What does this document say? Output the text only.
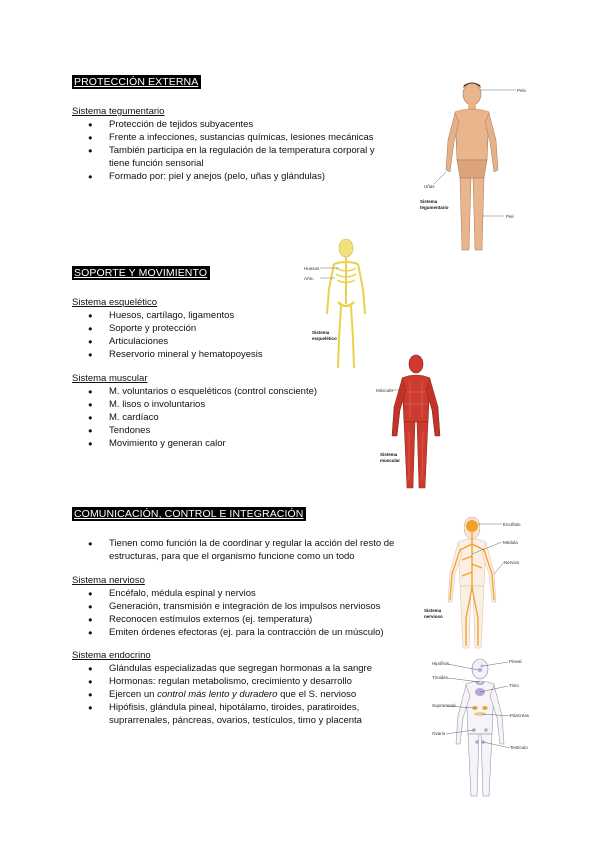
PROTECCIÓN EXTERNA

Sistema tegumentario

● Protección de tejidos subyacentes
● Frente a infecciones, sustancias químicas, lesiones mecánicas
● También participa en la regulación de la temperatura corporal y tiene función sensorial
● Formado por: piel y anejos (pelo, uñas y glándulas)
SOPORTE Y MOVIMIENTO

Sistema esquelético

● Huesos, cartílago, ligamentos
● Soporte y protección
● Articulaciones
● Reservorio mineral y hematopoyesis

Sistema muscular

● M. voluntarios o esqueléticos (control consciente)
● M. lisos o involuntarios
● M. cardíaco
● Tendones
● Movimiento y generan calor
COMUNICACIÓN, CONTROL E INTEGRACIÓN
● Tienen como función la de coordinar y regular la acción del resto de estructuras, para que el organismo funcione como un todo

Sistema nervioso

● Encéfalo, médula espinal y nervios
● Generación, transmisión e integración de los impulsos nerviosos
● Reconocen estímulos externos (ej. temperatura)
● Emiten órdenes efectoras (ej. para la contracción de un músculo)

Sistema endocrino

● Glándulas especializadas que segregan hormonas a la sangre
● Hormonas: regulan metabolismo, crecimiento y desarrollo
● Ejercen un control más lento y duradero que el S. nervioso
● Hipófisis, glándula pineal, hipotálamo, tiroides, paratiroides, suprarrenales, páncreas, ovarios, testículos, timo y placenta
Pelo
Uñas
Piel
Sistema
tegumentario
Huesos
Artic.
Sistema
esquelético
Músculo
Sistema
muscular
Encéfalo
Médula
Nervios
Sistema
nervioso
Hipófisis	Pineal
Tiroides
Timo
Suprarrenal
Páncreas
Ovario
Testículo
